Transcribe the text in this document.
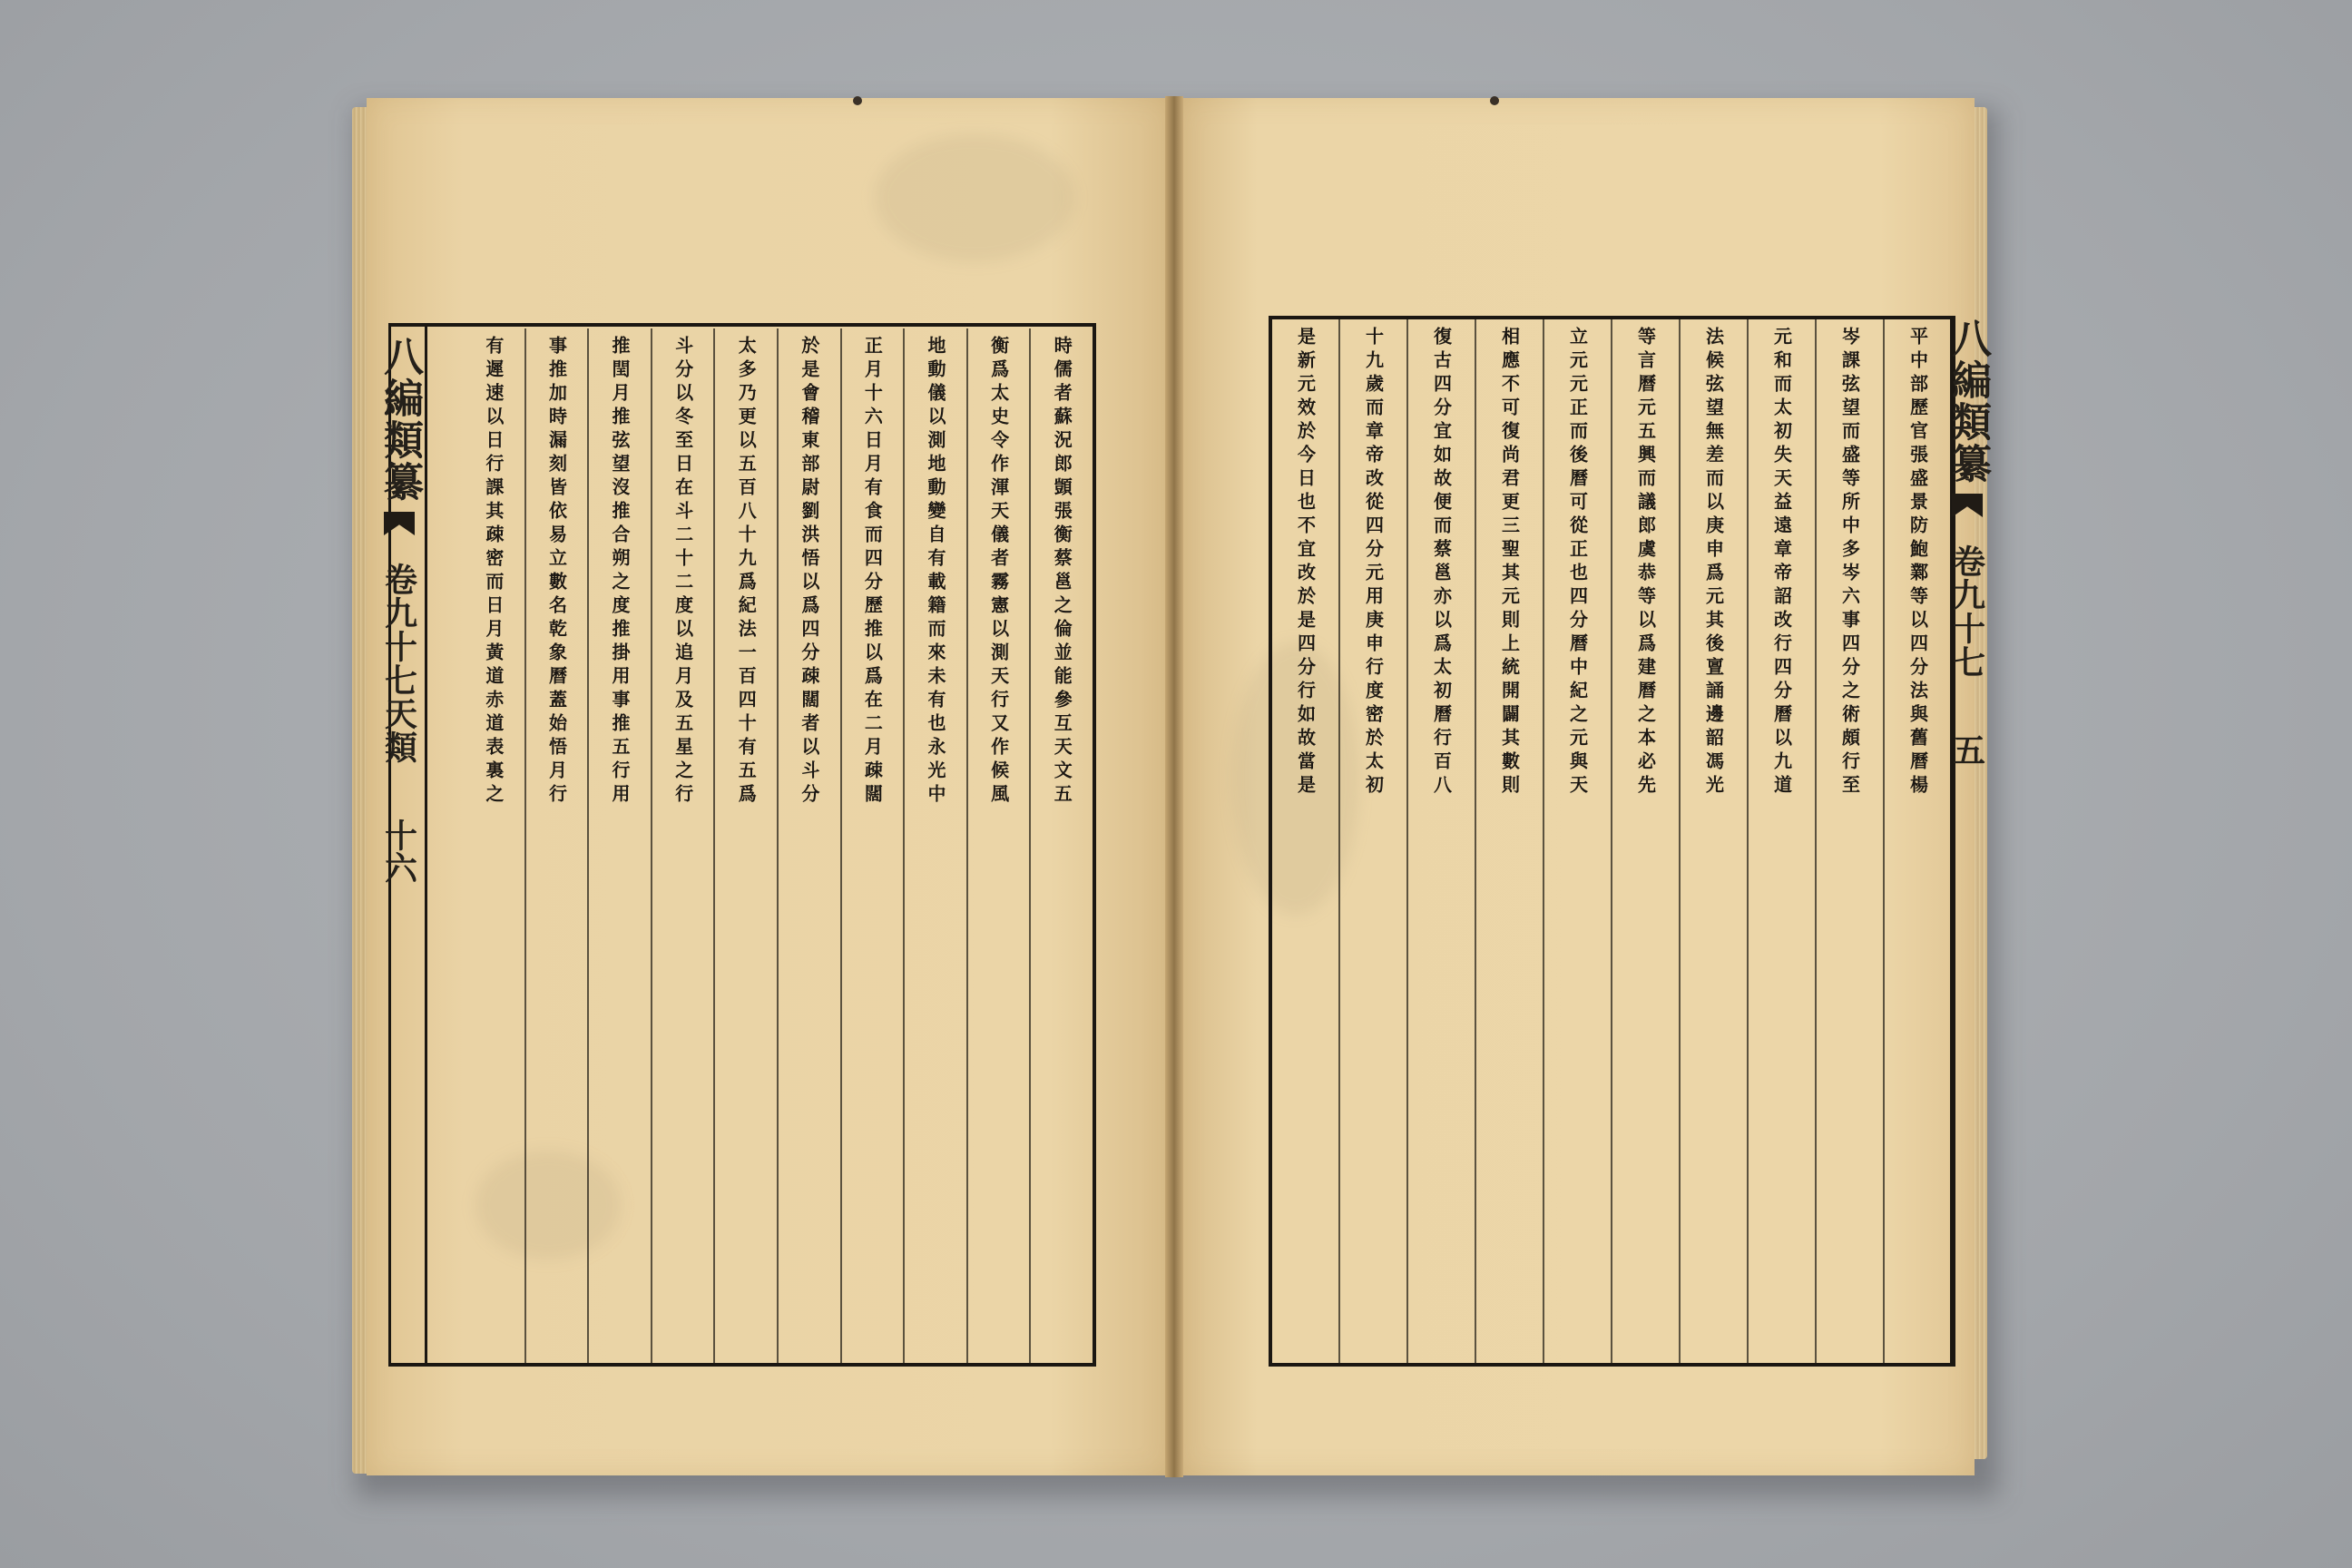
八編類纂
卷九十七天類
十六
時儒者蘇況郎顗張衡蔡邕之倫並能參互天文五
衡爲太史令作渾天儀者霧憲以測天行又作候風
地動儀以測地動變自有載籍而來未有也永光中
正月十六日月有食而四分歷推以爲在二月疎闊
於是會稽東部尉劉洪悟以爲四分疎闊者以斗分
太多乃更以五百八十九爲紀法一百四十有五爲
斗分以冬至日在斗二十二度以追月及五星之行
推閏月推弦望沒推合朔之度推掛用事推五行用
事推加時漏刻皆依易立數名乾象曆蓋始悟月行
有遲速以日行課其疎密而日月黃道赤道表裏之	八編類纂
卷九十七
五
平中部歷官張盛景防鮑鄴等以四分法與舊曆楊
岑課弦望而盛等所中多岑六事四分之術頗行至
元和而太初失天益遠章帝詔改行四分曆以九道
法候弦望無差而以庚申爲元其後亶誦邊韶馮光
等言曆元五興而議郎虞恭等以爲建曆之本必先
立元元正而後曆可從正也四分曆中紀之元與天
相應不可復尚君更三聖其元則上統開闢其數則
復古四分宜如故便而蔡邕亦以爲太初曆行百八
十九歲而章帝改從四分元用庚申行度密於太初
是新元效於今日也不宜改於是四分行如故當是
